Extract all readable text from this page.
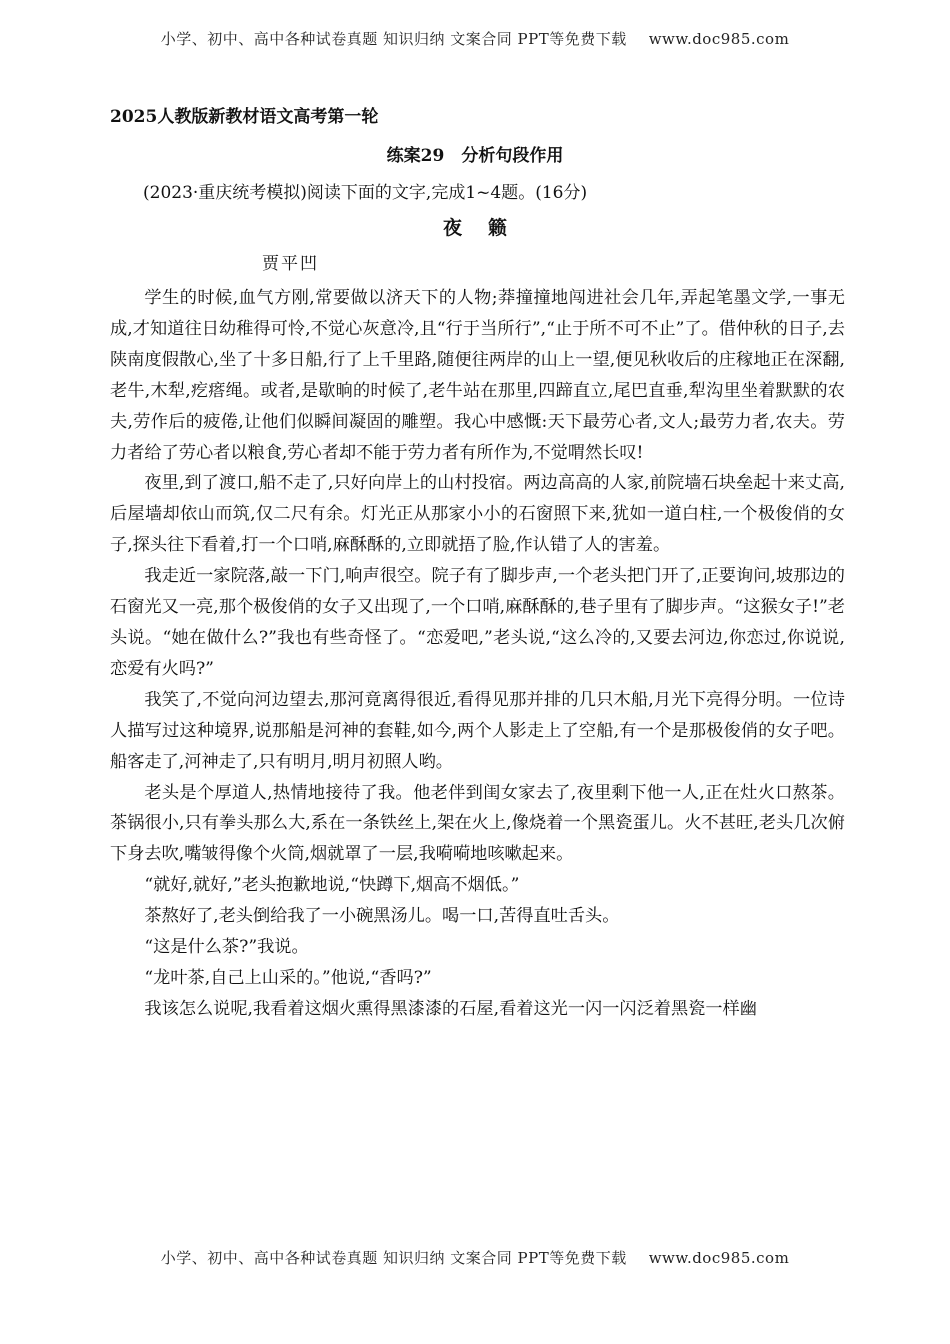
小学、初中、高中各种试卷真题 知识归纳 文案合同 PPT等免费下载 www.doc985.com
2025人教版新教材语文高考第一轮
练案29　分析句段作用
(2023·重庆统考模拟)阅读下面的文字,完成1~4题。(16分)
夜籁
贾平凹

学生的时候,血气方刚,常要做以济天下的人物;莽撞撞地闯进社会几年,弄起笔墨文学,一事无成,才知道往日幼稚得可怜,不觉心灰意冷,且“行于当所行”,“止于所不可不止”了。借仲秋的日子,去陕南度假散心,坐了十多日船,行了上千里路,随便往两岸的山上一望,便见秋收后的庄稼地正在深翻,老牛,木犁,疙瘩绳。或者,是歇晌的时候了,老牛站在那里,四蹄直立,尾巴直垂,犁沟里坐着默默的农夫,劳作后的疲倦,让他们似瞬间凝固的雕塑。我心中感慨:天下最劳心者,文人;最劳力者,农夫。劳力者给了劳心者以粮食,劳心者却不能于劳力者有所作为,不觉喟然长叹!

夜里,到了渡口,船不走了,只好向岸上的山村投宿。两边高高的人家,前院墙石块垒起十来丈高,后屋墙却依山而筑,仅二尺有余。灯光正从那家小小的石窗照下来,犹如一道白柱,一个极俊俏的女子,探头往下看着,打一个口哨,麻酥酥的,立即就捂了脸,作认错了人的害羞。

我走近一家院落,敲一下门,响声很空。院子有了脚步声,一个老头把门开了,正要询问,坡那边的石窗光又一亮,那个极俊俏的女子又出现了,一个口哨,麻酥酥的,巷子里有了脚步声。“这猴女子!”老头说。“她在做什么?”我也有些奇怪了。“恋爱吧,”老头说,“这么冷的,又要去河边,你恋过,你说说,恋爱有火吗?”

我笑了,不觉向河边望去,那河竟离得很近,看得见那并排的几只木船,月光下亮得分明。一位诗人描写过这种境界,说那船是河神的套鞋,如今,两个人影走上了空船,有一个是那极俊俏的女子吧。船客走了,河神走了,只有明月,明月初照人哟。

老头是个厚道人,热情地接待了我。他老伴到闺女家去了,夜里剩下他一人,正在灶火口熬茶。茶锅很小,只有拳头那么大,系在一条铁丝上,架在火上,像烧着一个黑瓷蛋儿。火不甚旺,老头几次俯下身去吹,嘴皱得像个火筒,烟就罩了一层,我嗬嗬地咳嗽起来。

“就好,就好,”老头抱歉地说,“快蹲下,烟高不烟低。”

茶熬好了,老头倒给我了一小碗黑汤儿。喝一口,苦得直吐舌头。

“这是什么茶?”我说。

“龙叶茶,自己上山采的。”他说,“香吗?”

我该怎么说呢,我看着这烟火熏得黑漆漆的石屋,看着这光一闪一闪泛着黑瓷一样幽

小学、初中、高中各种试卷真题 知识归纳 文案合同 PPT等免费下载 www.doc985.com
